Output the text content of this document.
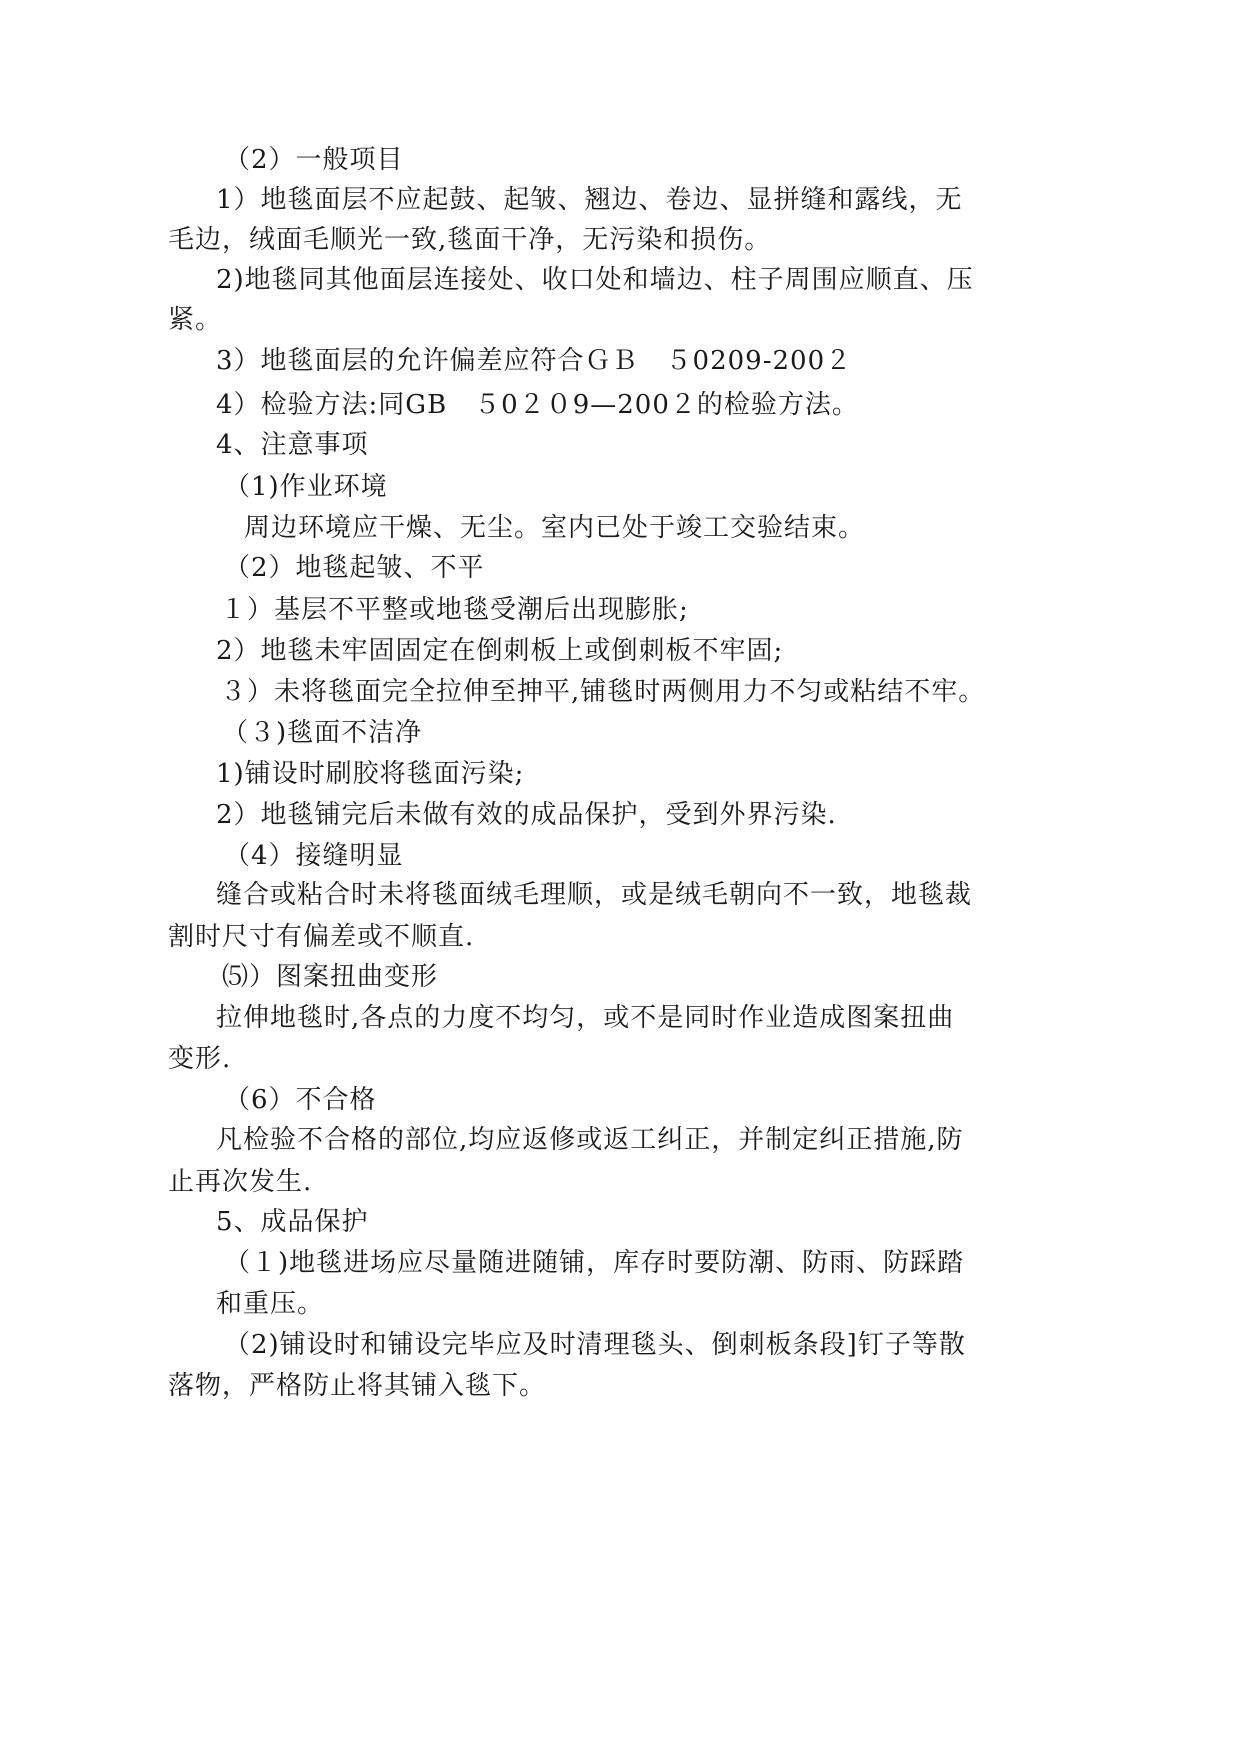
（2）一般项目
1）地毯面层不应起鼓、起皱、翘边、卷边、显拼缝和露线，无
毛边，绒面毛顺光一致,毯面干净，无污染和损伤。
2)地毯同其他面层连接处、收口处和墙边、柱子周围应顺直、压
紧。
3）地毯面层的允许偏差应符合ＧＢ　５0209-200２
4）检验方法:同GB　５0２０9—200２的检验方法。
4、注意事项
（1)作业环境
周边环境应干燥、无尘。室内已处于竣工交验结束。
（2）地毯起皱、不平
１）基层不平整或地毯受潮后出现膨胀;
2）地毯未牢固固定在倒刺板上或倒刺板不牢固;
３）未将毯面完全拉伸至抻平,铺毯时两侧用力不匀或粘结不牢。
（３)毯面不洁净
1)铺设时刷胶将毯面污染;
2）地毯铺完后未做有效的成品保护，受到外界污染.
（4）接缝明显
缝合或粘合时未将毯面绒毛理顺，或是绒毛朝向不一致，地毯裁
割时尺寸有偏差或不顺直.
⑸）图案扭曲变形
拉伸地毯时,各点的力度不均匀，或不是同时作业造成图案扭曲
变形.
（6）不合格
凡检验不合格的部位,均应返修或返工纠正，并制定纠正措施,防
止再次发生.
5、成品保护
（１)地毯进场应尽量随进随铺，库存时要防潮、防雨、防踩踏
和重压。
（2)铺设时和铺设完毕应及时清理毯头、倒刺板条段]钉子等散
落物，严格防止将其铺入毯下。
